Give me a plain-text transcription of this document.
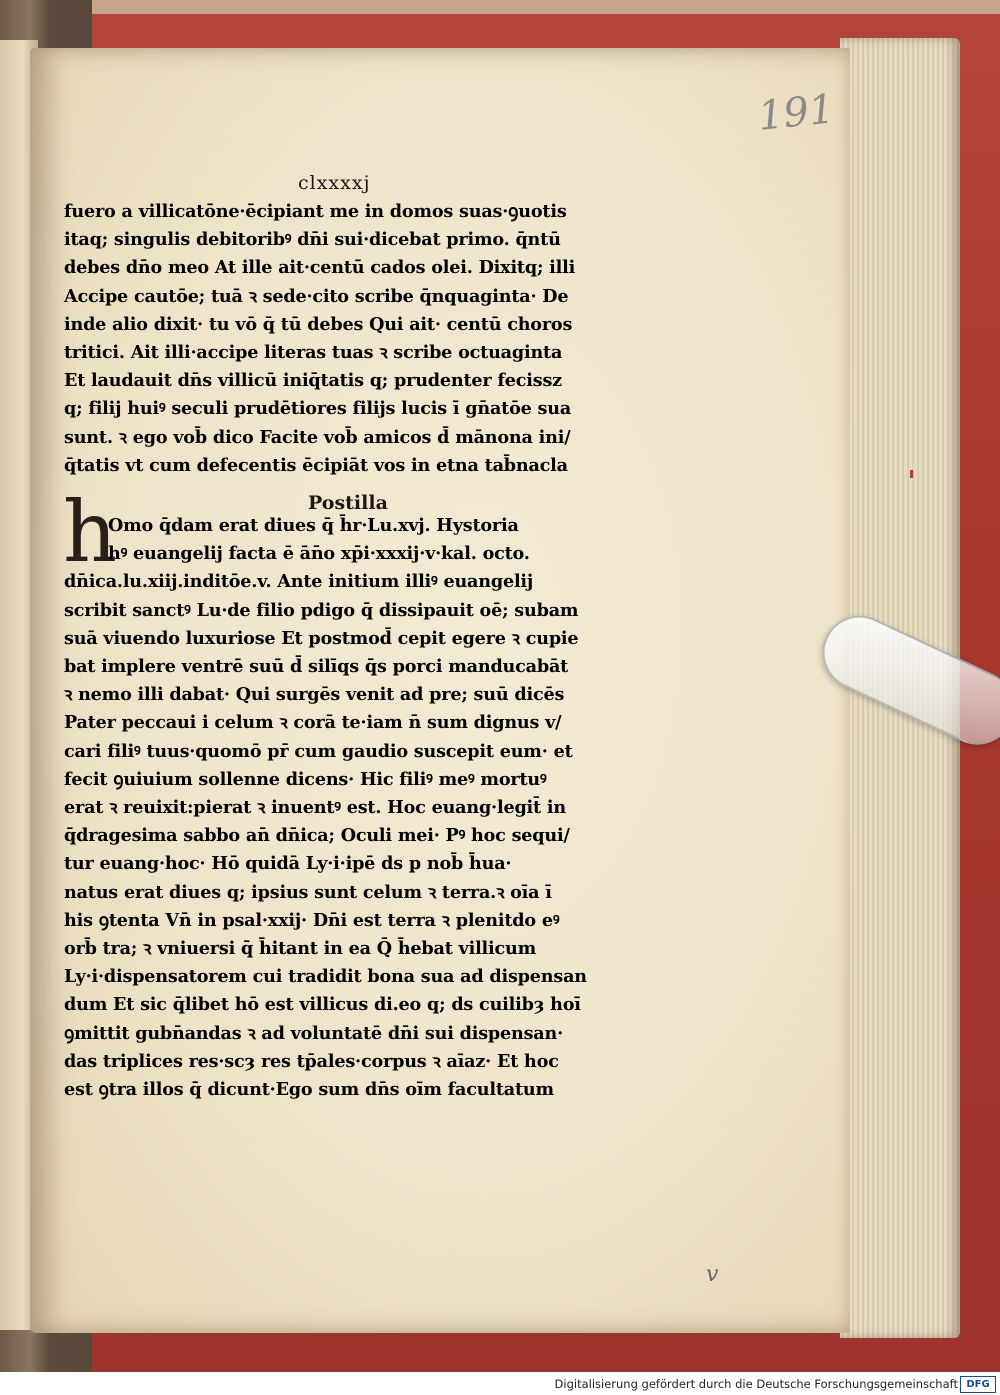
191
clxxxxj
fuero a villicatōne·ēcipiant me in domos suas·ꝯuotis
itaq; singulis debitoribꝰ dn̄i sui·dicebat primo. q̄ntū
debes dn̄o meo At ille ait·centū cados olei. Dixitq; illi
Accipe cautōe; tuā ꝛ sede·cito scribe q̄nquaginta· De
inde alio dixit· tu vō q̄ tū debes Qui ait· centū choros
tritici. Ait illi·accipe literas tuas ꝛ scribe octuaginta
Et laudauit dn̄s villicū iniq̄tatis q; prudenter fecissz
q; filij huiꝰ seculi prudētiores filijs lucis ī gn̄atōe sua
sunt. ꝛ ego vob̄ dico Facite vob̄ amicos d̄ mānona ini/
q̄tatis vt cum defecentis ēcipiāt vos in etna tab̄nacla
Postilla
h
Omo q̄dam erat diues q̄ h̄r·Lu.xvj. Hystoria
hꝰ euangelij facta ē ān̄o xp̄i·xxxij·v·kal. octo.
dn̄ica.lu.xiij.inditōe.v. Ante initium illiꝰ euangelij
scribit sanctꝰ Lu·de filio pdigo q̄ dissipauit oē; subam
suā viuendo luxuriose Et postmod̄ cepit egere ꝛ cupie
bat implere ventrē suū d̄ silīqs q̄s porci manducabāt
ꝛ nemo illi dabat· Qui surgēs venit ad pre; suū dicēs
Pater peccaui i celum ꝛ corā te·iam n̄ sum dignus v/
cari filiꝰ tuus·quomō pr̄ cum gaudio suscepit eum· et
fecit ꝯuiuium sollenne dicens· Hic filiꝰ meꝰ mortuꝰ
erat ꝛ reuixit:pierat ꝛ inuentꝰ est. Hoc euang·legit̄ in
q̄dragesima sabbo an̄ dn̄ica; Oculi mei· Pꝰ hoc sequi/
tur euang·hoc· Hō quidā Ly·i·ipē ds p nob̄ h̄ua·
natus erat diues q; ipsius sunt celum ꝛ terra.ꝛ oīa ī
his ꝯtenta Vn̄ in psal·xxij· Dn̄i est terra ꝛ plenitdo eꝰ
orb̄ tra; ꝛ vniuersi q̄ h̄itant in ea Q̄ h̄ebat villicum
Ly·i·dispensatorem cui tradidit bona sua ad dispensan
dum Et sic q̄libet hō est villicus di.eo q; ds cuilibȝ hoī
ꝯmittit gubn̄andas ꝛ ad voluntatē dn̄i sui dispensan·
das triplices res·scȝ res tp̄ales·corpus ꝛ aīaz· Et hoc
est ꝯtra illos q̄ dicunt·Ego sum dn̄s oīm facultatum
v
Digitalisierung gefördert durch die Deutsche Forschungsgemeinschaft DFG
